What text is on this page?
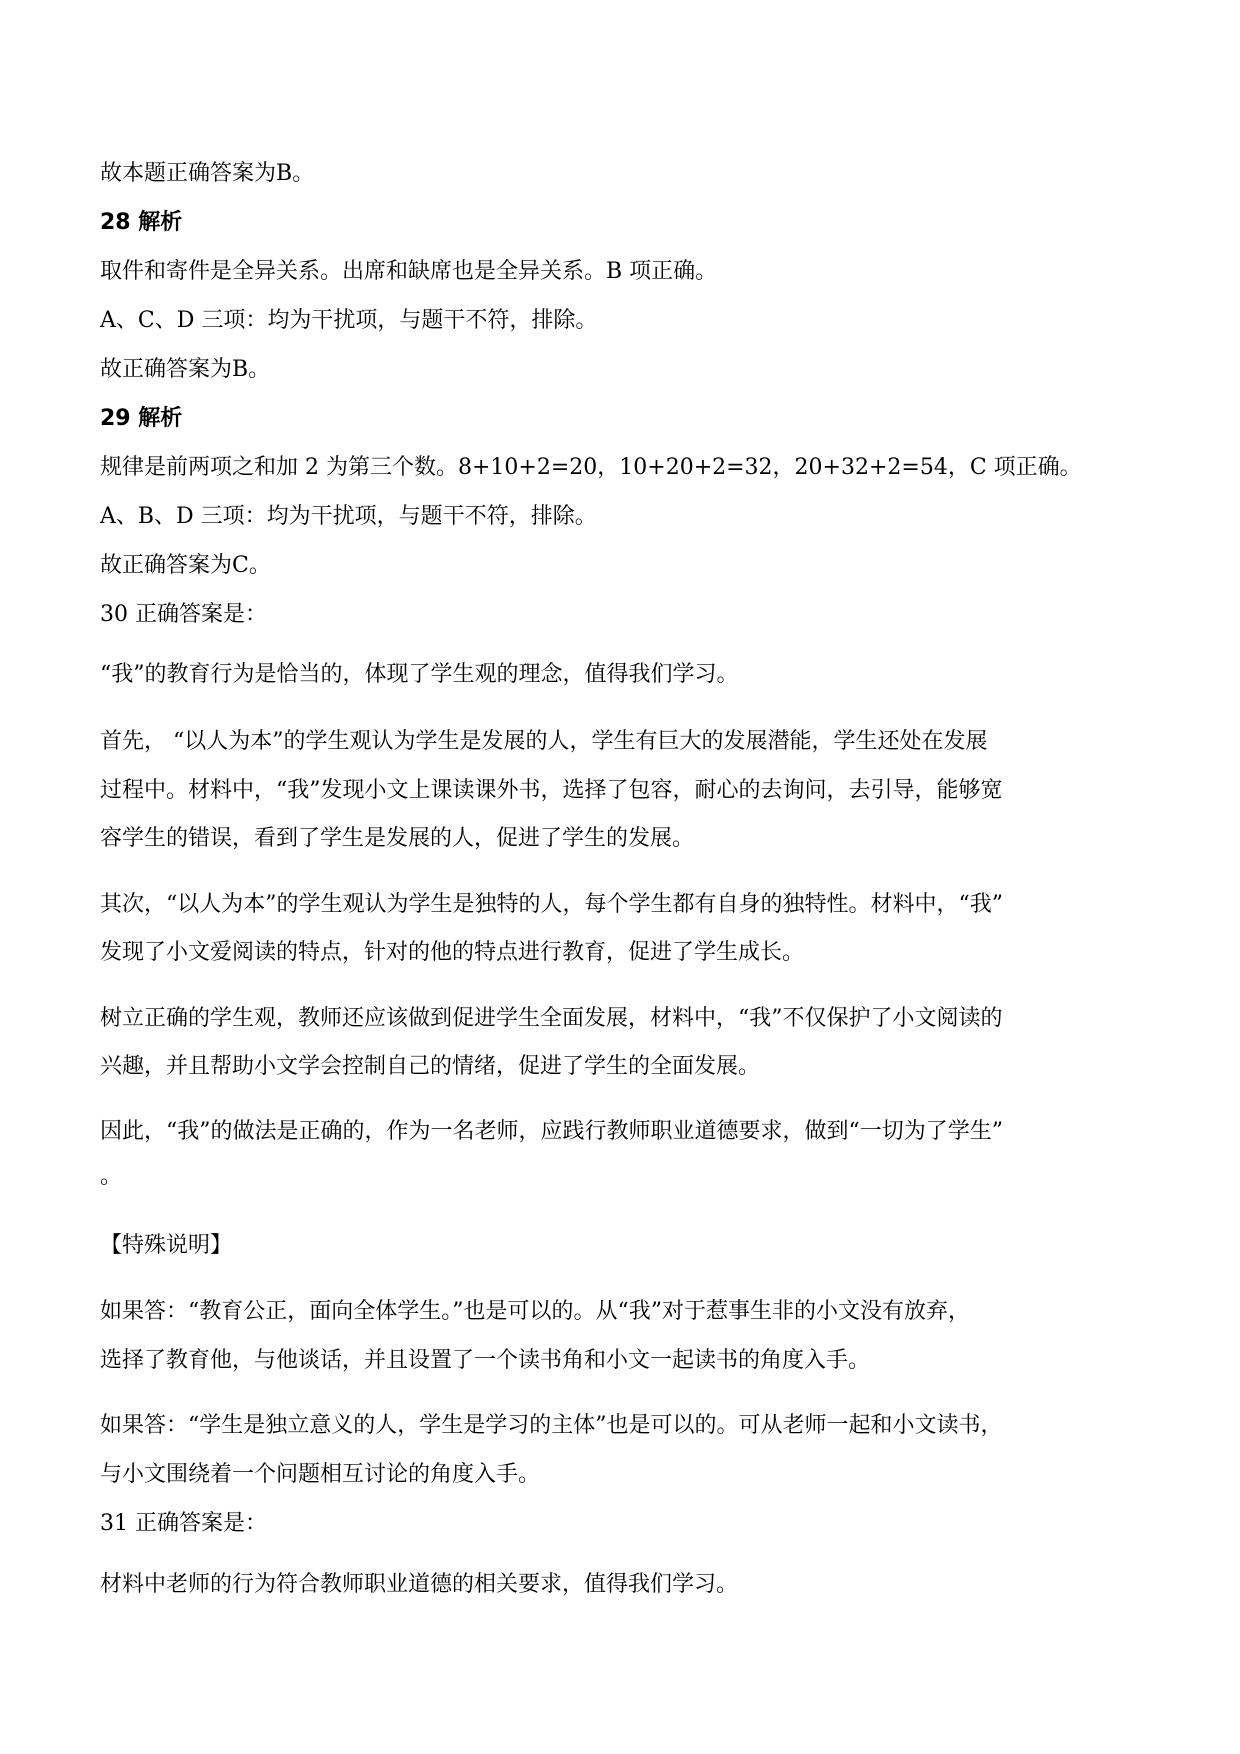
故本题正确答案为B。
28 解析
取件和寄件是全异关系。出席和缺席也是全异关系。B 项正确。
A、C、D 三项：均为干扰项，与题干不符，排除。
故正确答案为B。
29 解析
规律是前两项之和加 2 为第三个数。8+10+2=20，10+20+2=32，20+32+2=54，C 项正确。
A、B、D 三项：均为干扰项，与题干不符，排除。
故正确答案为C。
30 正确答案是：
“我”的教育行为是恰当的，体现了学生观的理念，值得我们学习。
首先， “以人为本”的学生观认为学生是发展的人，学生有巨大的发展潜能，学生还处在发展
过程中。材料中，“我”发现小文上课读课外书，选择了包容，耐心的去询问，去引导，能够宽
容学生的错误，看到了学生是发展的人，促进了学生的发展。
其次，“以人为本”的学生观认为学生是独特的人，每个学生都有自身的独特性。材料中，“我”
发现了小文爱阅读的特点，针对的他的特点进行教育，促进了学生成长。
树立正确的学生观，教师还应该做到促进学生全面发展，材料中，“我”不仅保护了小文阅读的
兴趣，并且帮助小文学会控制自己的情绪，促进了学生的全面发展。
因此，“我”的做法是正确的，作为一名老师，应践行教师职业道德要求，做到“一切为了学生”
。
【特殊说明】
如果答：“教育公正，面向全体学生。”也是可以的。从“我”对于惹事生非的小文没有放弃，
选择了教育他，与他谈话，并且设置了一个读书角和小文一起读书的角度入手。
如果答：“学生是独立意义的人，学生是学习的主体”也是可以的。可从老师一起和小文读书，
与小文围绕着一个问题相互讨论的角度入手。
31 正确答案是：
材料中老师的行为符合教师职业道德的相关要求，值得我们学习。
